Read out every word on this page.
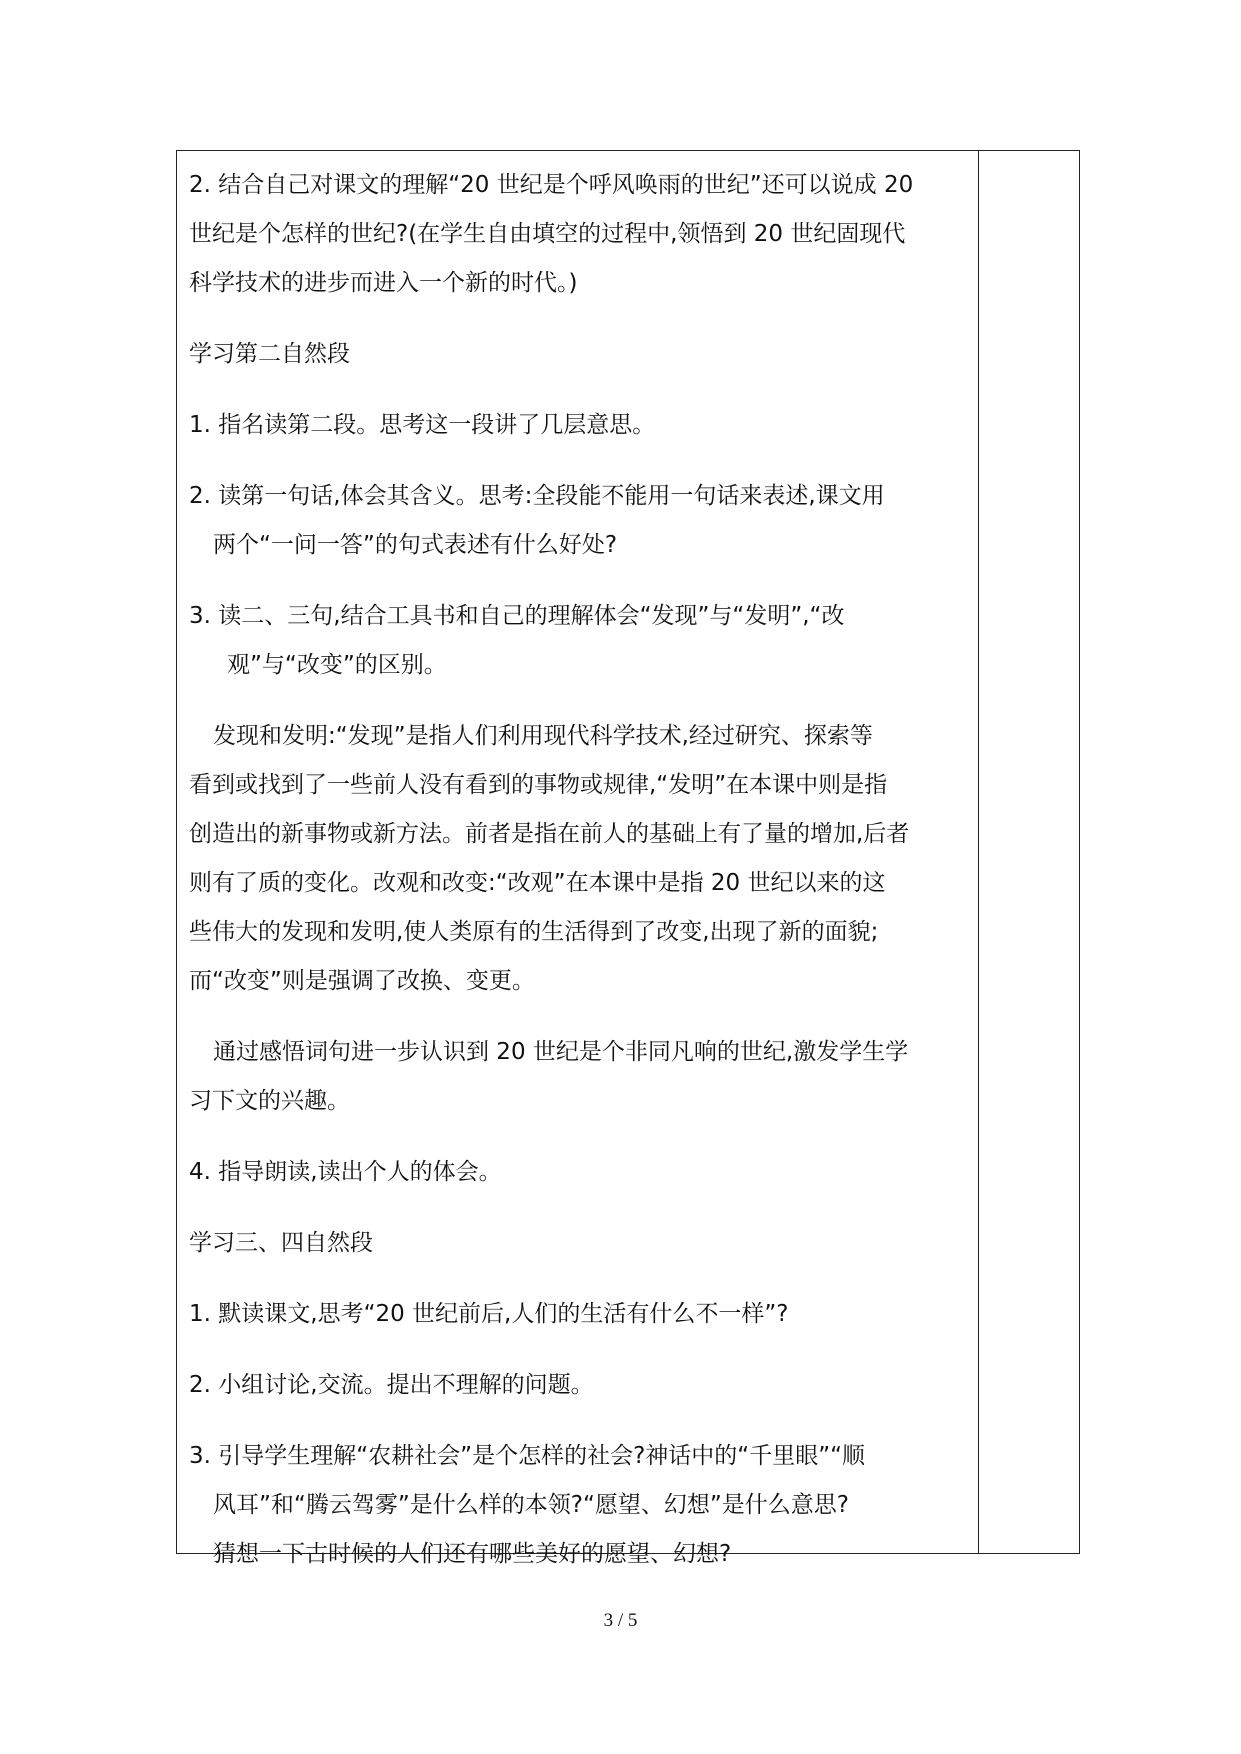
2. 结合自己对课文的理解“20 世纪是个呼风唤雨的世纪”还可以说成 20

世纪是个怎样的世纪?(在学生自由填空的过程中,领悟到 20 世纪固现代

科学技术的进步而进入一个新的时代。)

学习第二自然段

1. 指名读第二段。思考这一段讲了几层意思。

2. 读第一句话,体会其含义。思考:全段能不能用一句话来表述,课文用

两个“一问一答”的句式表述有什么好处?

3. 读二、三句,结合工具书和自己的理解体会“发现”与“发明”,“改

观”与“改变”的区别。

发现和发明:“发现”是指人们利用现代科学技术,经过研究、探索等

看到或找到了一些前人没有看到的事物或规律,“发明”在本课中则是指

创造出的新事物或新方法。前者是指在前人的基础上有了量的增加,后者

则有了质的变化。改观和改变:“改观”在本课中是指 20 世纪以来的这

些伟大的发现和发明,使人类原有的生活得到了改变,出现了新的面貌;

而“改变”则是强调了改换、变更。

通过感悟词句进一步认识到 20 世纪是个非同凡响的世纪,激发学生学

习下文的兴趣。

4. 指导朗读,读出个人的体会。

学习三、四自然段

1. 默读课文,思考“20 世纪前后,人们的生活有什么不一样”?

2. 小组讨论,交流。提出不理解的问题。

3. 引导学生理解“农耕社会”是个怎样的社会?神话中的“千里眼”“顺

风耳”和“腾云驾雾”是什么样的本领?“愿望、幻想”是什么意思?

猜想一下古时候的人们还有哪些美好的愿望、幻想?

3 / 5
